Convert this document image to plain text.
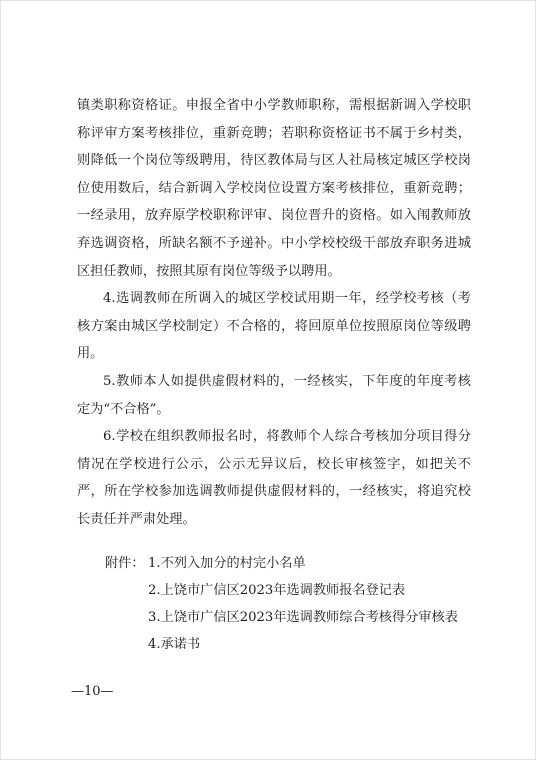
镇类职称资格证。申报全省中小学教师职称，需根据新调入学校职称评审方案考核排位，重新竞聘；若职称资格证书不属于乡村类，则降低一个岗位等级聘用，待区教体局与区人社局核定城区学校岗位使用数后，结合新调入学校岗位设置方案考核排位，重新竞聘；一经录用，放弃原学校职称评审、岗位晋升的资格。如入闱教师放弃选调资格，所缺名额不予递补。中小学校校级干部放弃职务进城区担任教师，按照其原有岗位等级予以聘用。

4.选调教师在所调入的城区学校试用期一年，经学校考核（考核方案由城区学校制定）不合格的，将回原单位按照原岗位等级聘用。

5.教师本人如提供虚假材料的，一经核实，下年度的年度考核定为“不合格”。

6.学校在组织教师报名时，将教师个人综合考核加分项目得分情况在学校进行公示，公示无异议后，校长审核签字，如把关不严，所在学校参加选调教师提供虚假材料的，一经核实，将追究校长责任并严肃处理。

附件： 1.不列入加分的村完小名单
2.上饶市广信区2023年选调教师报名登记表
3.上饶市广信区2023年选调教师综合考核得分审核表
4.承诺书
—10—
